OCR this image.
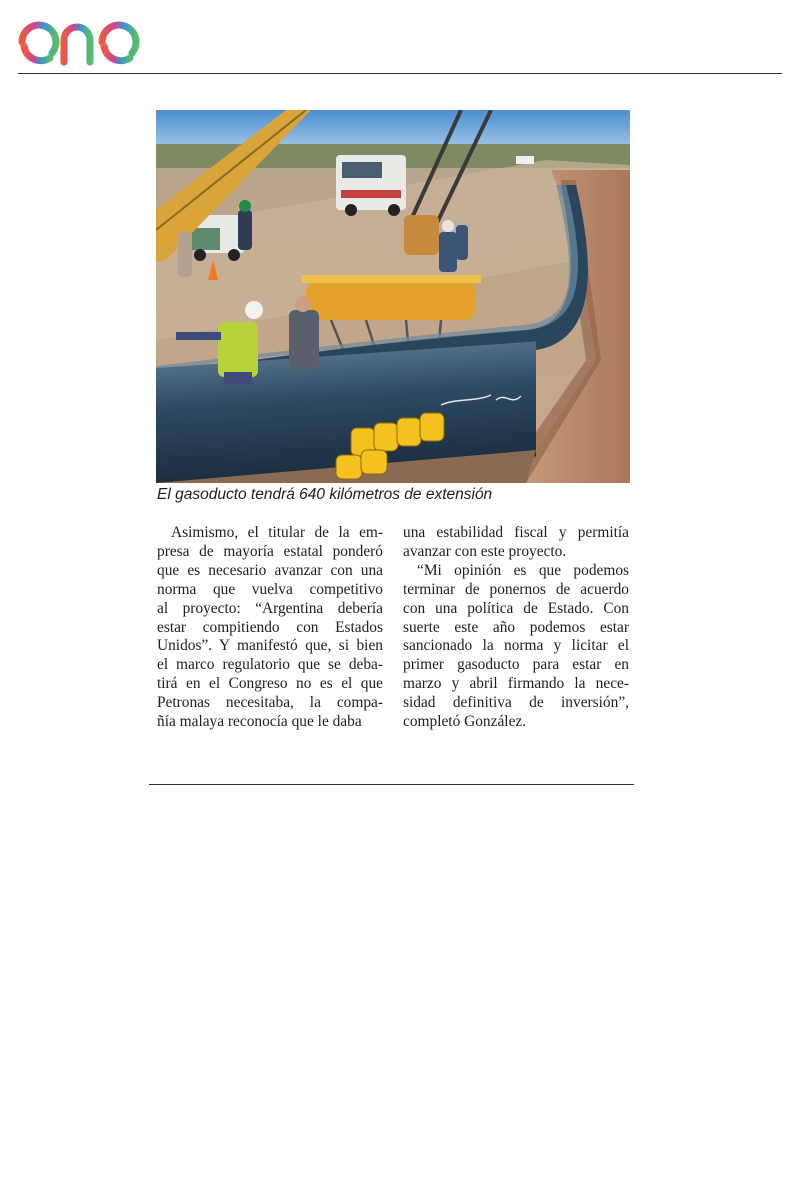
El gasoducto tendrá 640 kilómetros de extensión
Asimismo, el titular de la em-
presa de mayoría estatal ponderó
que es necesario avanzar con una
norma que vuelva competitivo
al proyecto: “Argentina debería
estar compitiendo con Estados
Unidos”. Y manifestó que, si bien
el marco regulatorio que se deba-
tirá en el Congreso no es el que
Petronas necesitaba, la compa-
ñía malaya reconocía que le daba
una estabilidad fiscal y permitía
avanzar con este proyecto.
“Mi opinión es que podemos
terminar de ponernos de acuerdo
con una política de Estado. Con
suerte este año podemos estar
sancionado la norma y licitar el
primer gasoducto para estar en
marzo y abril firmando la nece-
sidad definitiva de inversión”,
completó González.
